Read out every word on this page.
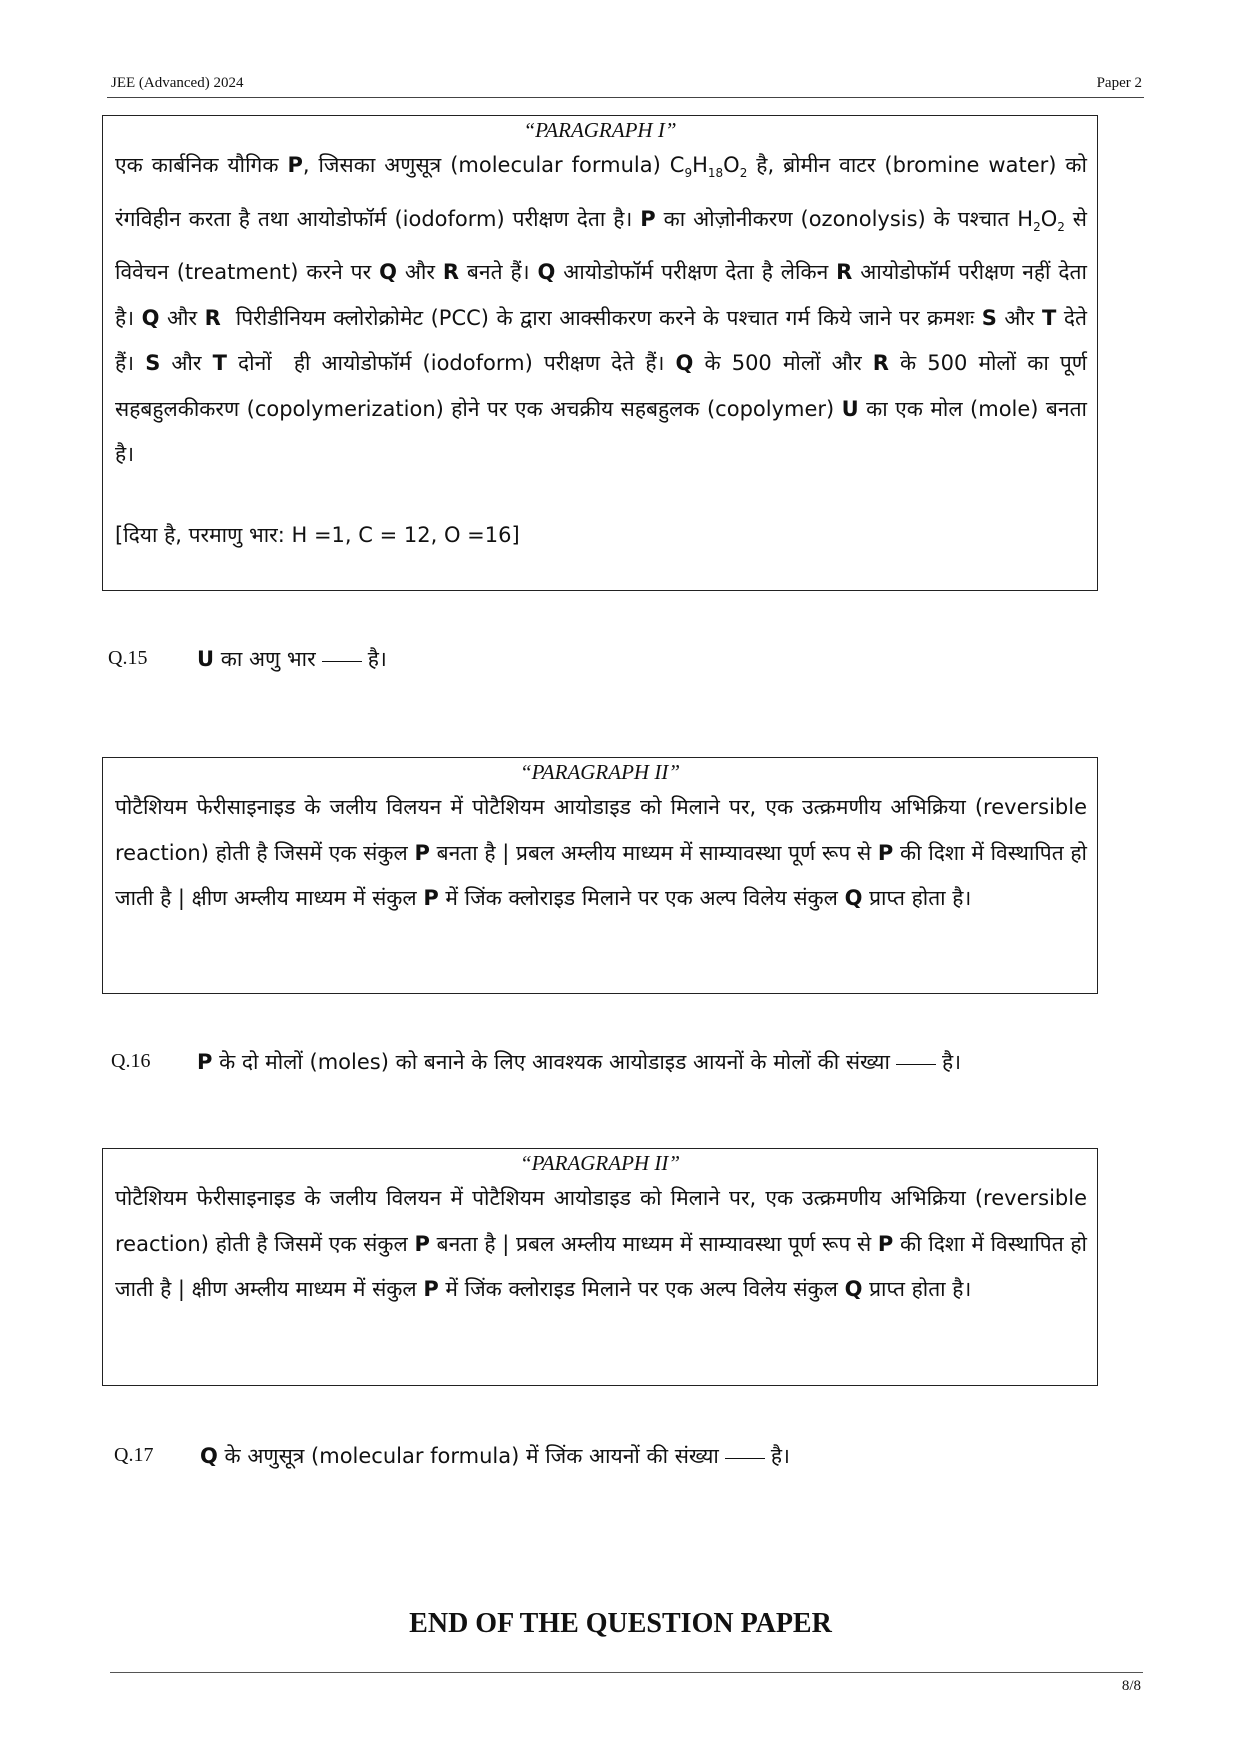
JEE (Advanced) 2024	Paper 2
“PARAGRAPH I”
एक कार्बनिक यौगिक P, जिसका अणुसूत्र (molecular formula) $C_9H_{18}O_2$ है, ब्रोमीन वाटर (bromine water) को रंगविहीन करता है तथा आयोडोफॉर्म (iodoform) परीक्षण देता है। P का ओज़ोनीकरण (ozonolysis) के पश्चात $H_2O_2$ से विवेचन (treatment) करने पर Q और R बनते हैं। Q आयोडोफॉर्म परीक्षण देता है लेकिन R आयोडोफॉर्म परीक्षण नहीं देता है। Q और R  पिरीडीनियम क्लोरोक्रोमेट (PCC) के द्वारा आक्सीकरण करने के पश्चात गर्म किये जाने पर क्रमशः S और T देते हैं। S और T दोनों  ही आयोडोफॉर्म (iodoform) परीक्षण देते हैं। Q के 500 मोलों और R के 500 मोलों का पूर्ण सहबहुलकीकरण (copolymerization) होने पर एक अचक्रीय सहबहुलक (copolymer) U का एक मोल (mole) बनता है।
[दिया है, परमाणु भार: H =1, C = 12, O =16]
Q.15 U का अणु भार है।
“PARAGRAPH II”
पोटैशियम फेरीसाइनाइड के जलीय विलयन में पोटैशियम आयोडाइड को मिलाने पर, एक उत्क्रमणीय अभिक्रिया (reversible reaction) होती है जिसमें एक संकुल P बनता है | प्रबल अम्लीय माध्यम में साम्यावस्था पूर्ण रूप से P की दिशा में विस्थापित हो जाती है | क्षीण अम्लीय माध्यम में संकुल P में जिंक क्लोराइड मिलाने पर एक अल्प विलेय संकुल Q प्राप्त होता है।
Q.16 P के दो मोलों (moles) को बनाने के लिए आवश्यक आयोडाइड आयनों के मोलों की संख्या है।
“PARAGRAPH II”
पोटैशियम फेरीसाइनाइड के जलीय विलयन में पोटैशियम आयोडाइड को मिलाने पर, एक उत्क्रमणीय अभिक्रिया (reversible reaction) होती है जिसमें एक संकुल P बनता है | प्रबल अम्लीय माध्यम में साम्यावस्था पूर्ण रूप से P की दिशा में विस्थापित हो जाती है | क्षीण अम्लीय माध्यम में संकुल P में जिंक क्लोराइड मिलाने पर एक अल्प विलेय संकुल Q प्राप्त होता है।
Q.17 Q के अणुसूत्र (molecular formula) में जिंक आयनों की संख्या है।
END OF THE QUESTION PAPER
8/8
